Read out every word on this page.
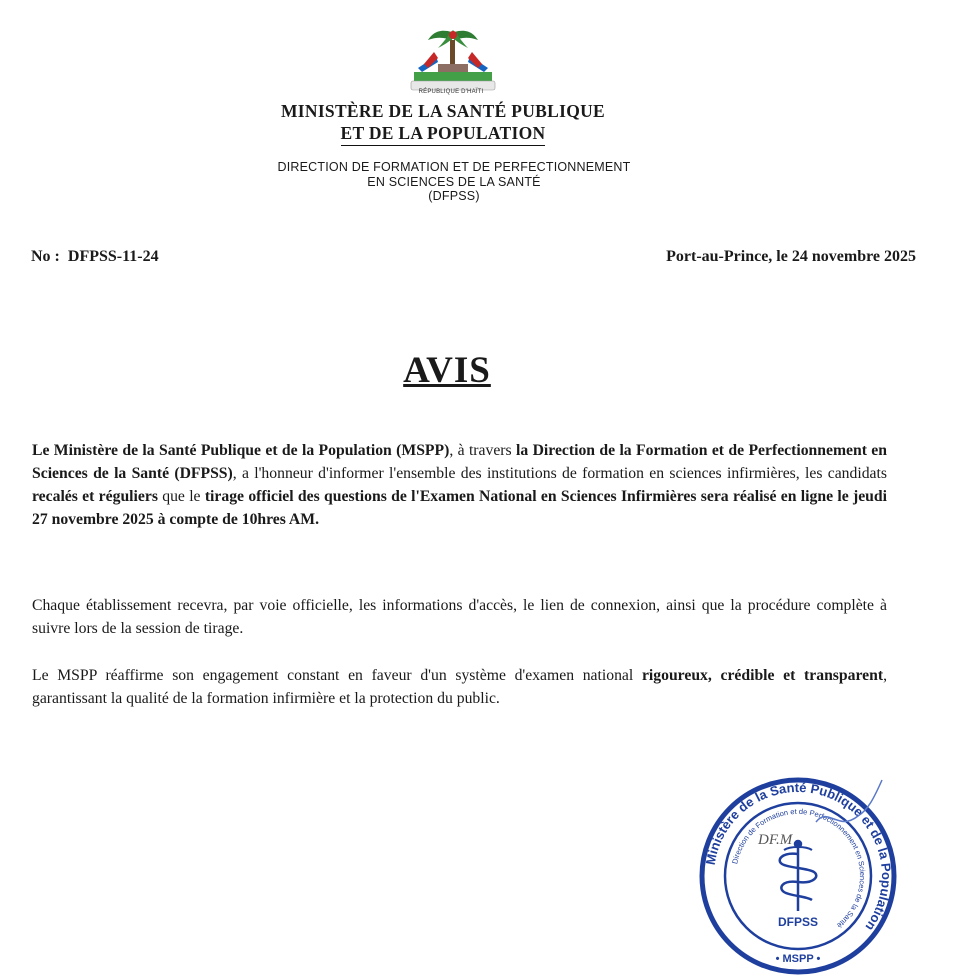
RÉPUBLIQUE D'HAÏTI
MINISTÈRE DE LA SANTÉ PUBLIQUE
ET DE LA POPULATION
DIRECTION DE FORMATION ET DE PERFECTIONNEMENT
EN SCIENCES DE LA SANTÉ
(DFPSS)
No : DFPSS-11-24	Port-au-Prince, le 24 novembre 2025
AVIS

Le Ministère de la Santé Publique et de la Population (MSPP), à travers la Direction de la Formation et de Perfectionnement en Sciences de la Santé (DFPSS), a l'honneur d'informer l'ensemble des institutions de formation en sciences infirmières, les candidats recalés et réguliers que le tirage officiel des questions de l'Examen National en Sciences Infirmières sera réalisé en ligne le jeudi 27 novembre 2025 à compte de 10hres AM.

Chaque établissement recevra, par voie officielle, les informations d'accès, le lien de connexion, ainsi que la procédure complète à suivre lors de la session de tirage.

Le MSPP réaffirme son engagement constant en faveur d'un système d'examen national rigoureux, crédible et transparent, garantissant la qualité de la formation infirmière et la protection du public.

Ministère de la Santé Publique et de la Population
Direction de Formation et de Perfectionnement en Sciences de la Santé
DFPSS
• MSPP •
DF.M
